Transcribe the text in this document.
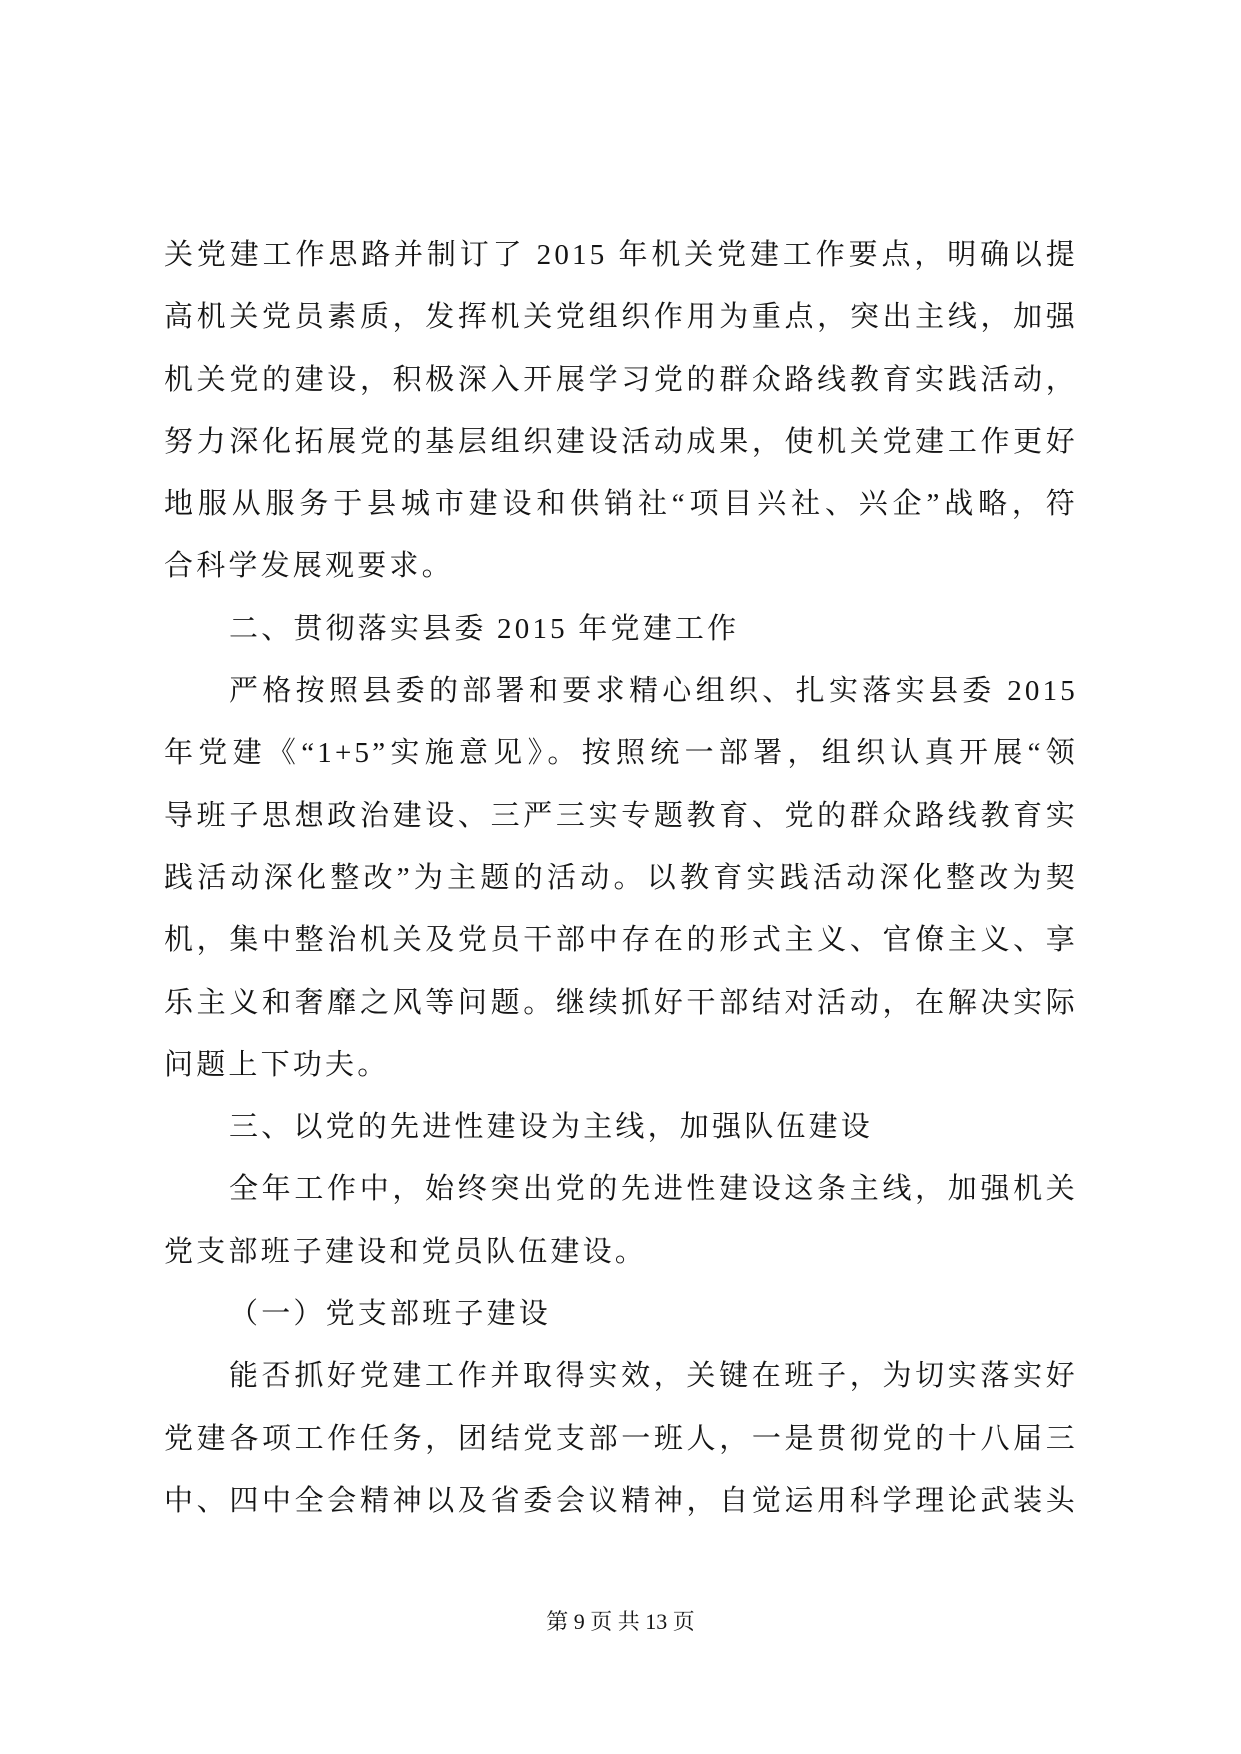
关党建工作思路并制订了 2015 年机关党建工作要点，明确以提
高机关党员素质，发挥机关党组织作用为重点，突出主线，加强
机关党的建设，积极深入开展学习党的群众路线教育实践活动，
努力深化拓展党的基层组织建设活动成果，使机关党建工作更好
地服从服务于县城市建设和供销社“项目兴社、兴企”战略，符
合科学发展观要求。
二、贯彻落实县委 2015 年党建工作
严格按照县委的部署和要求精心组织、扎实落实县委 2015
年党建《“1+5”实施意见》。按照统一部署，组织认真开展“领
导班子思想政治建设、三严三实专题教育、党的群众路线教育实
践活动深化整改”为主题的活动。以教育实践活动深化整改为契
机，集中整治机关及党员干部中存在的形式主义、官僚主义、享
乐主义和奢靡之风等问题。继续抓好干部结对活动，在解决实际
问题上下功夫。
三、以党的先进性建设为主线，加强队伍建设
全年工作中，始终突出党的先进性建设这条主线，加强机关
党支部班子建设和党员队伍建设。
（一）党支部班子建设
能否抓好党建工作并取得实效，关键在班子，为切实落实好
党建各项工作任务，团结党支部一班人，一是贯彻党的十八届三
中、四中全会精神以及省委会议精神，自觉运用科学理论武装头
第 9 页 共 13 页
